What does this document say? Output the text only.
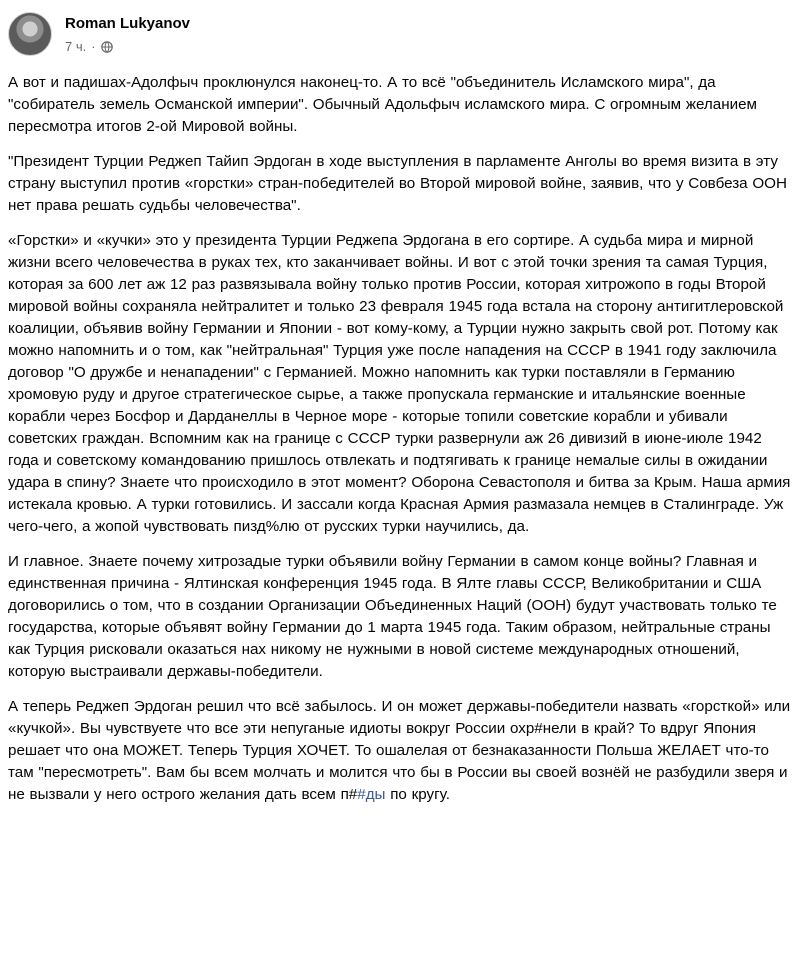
Roman Lukyanov
7 ч. ·

А вот и падишах-Адолфыч проклюнулся наконец-то. А то всё "объединитель Исламского мира", да "собиратель земель Османской империи". Обычный Адольфыч исламского мира. С огромным желанием пересмотра итогов 2-ой Мировой войны.

"Президент Турции Реджеп Тайип Эрдоган в ходе выступления в парламенте Анголы во время визита в эту страну выступил против «горстки» стран-победителей во Второй мировой войне, заявив, что у Совбеза ООН нет права решать судьбы человечества".

«Горстки» и «кучки» это у президента Турции Реджепа Эрдогана в его сортире. А судьба мира и мирной жизни всего человечества в руках тех, кто заканчивает войны. И вот с этой точки зрения та самая Турция, которая за 600 лет аж 12 раз развязывала войну только против России, которая хитрожопо в годы Второй мировой войны сохраняла нейтралитет и только 23 февраля 1945 года встала на сторону антигитлеровской коалиции, объявив войну Германии и Японии - вот кому-кому, а Турции нужно закрыть свой рот. Потому как можно напомнить и о том, как "нейтральная" Турция уже после нападения на СССР в 1941 году заключила договор "О дружбе и ненападении" с Германией. Можно напомнить как турки поставляли в Германию хромовую руду и другое стратегическое сырье, а также пропускала германские и итальянские военные корабли через Босфор и Дарданеллы в Черное море - которые топили советские корабли и убивали советских граждан. Вспомним как на границе с СССР турки развернули аж 26 дивизий в июне-июле 1942 года и советскому командованию пришлось отвлекать и подтягивать к границе немалые силы в ожидании удара в спину? Знаете что происходило в этот момент? Оборона Севастополя и битва за Крым. Наша армия истекала кровью. А турки готовились. И зассали когда Красная Армия размазала немцев в Сталинграде. Уж чего-чего, а жопой чувствовать пизд%лю от русских турки научились, да.

И главное. Знаете почему хитрозадые турки объявили войну Германии в самом конце войны? Главная и единственная причина - Ялтинская конференция 1945 года. В Ялте главы СССР, Великобритании и США договорились о том, что в создании Организации Объединенных Наций (ООН) будут участвовать только те государства, которые объявят войну Германии до 1 марта 1945 года. Таким образом, нейтральные страны как Турция рисковали оказаться нах никому не нужными в новой системе международных отношений, которую выстраивали державы-победители.

А теперь Реджеп Эрдоган решил что всё забылось. И он может державы-победители назвать «горсткой» или «кучкой». Вы чувствуете что все эти непуганые идиоты вокруг России охр#нели в край? То вдруг Япония решает что она МОЖЕТ. Теперь Турция ХОЧЕТ. То ошалелая от безнаказанности Польша ЖЕЛАЕТ что-то там "пересмотреть". Вам бы всем молчать и молится что бы в России вы своей вознёй не разбудили зверя и не вызвали у него острого желания дать всем п##ды по кругу.
